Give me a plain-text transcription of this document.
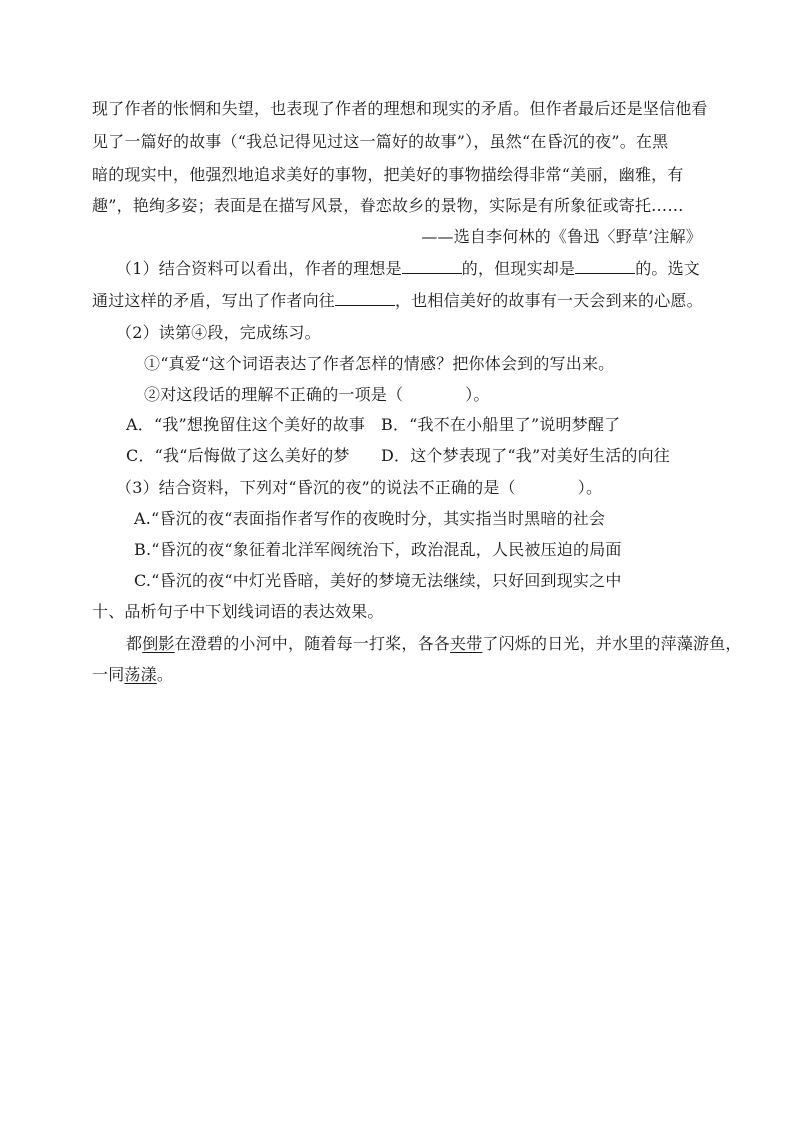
现了作者的怅惘和失望，也表现了作者的理想和现实的矛盾。但作者最后还是坚信他看
见了一篇好的故事（“我总记得见过这一篇好的故事”），虽然“在昏沉的夜”。在黑
暗的现实中，他强烈地追求美好的事物，把美好的事物描绘得非常“美丽，幽雅，有
趣”，艳绚多姿；表面是在描写风景，眷恋故乡的景物，实际是有所象征或寄托……
——选自李何林的《鲁迅〈野草’注解》
（1）结合资料可以看出，作者的理想是	的，但现实却是	的。选文
通过这样的矛盾，写出了作者向往	，也相信美好的故事有一天会到来的心愿。
（2）读第④段，完成练习。
①“真爱“这个词语表达了作者怎样的情感？把你体会到的写出来。
②对这段话的理解不正确的一项是（	）。
A．“我”想挽留住这个美好的故事 B．“我不在小船里了”说明梦醒了
C．“我“后悔做了这么美好的梦 D．这个梦表现了“我”对美好生活的向往
（3）结合资料，下列对“昏沉的夜”的说法不正确的是（	）。
A.“昏沉的夜“表面指作者写作的夜晚时分，其实指当时黑暗的社会
B.“昏沉的夜“象征着北洋军阀统治下，政治混乱，人民被压迫的局面
C.“昏沉的夜“中灯光昏暗，美好的梦境无法继续，只好回到现实之中
十、品析句子中下划线词语的表达效果。
都倒影在澄碧的小河中，随着每一打桨，各各夹带了闪烁的日光，并水里的萍藻游鱼，
一同荡漾。
